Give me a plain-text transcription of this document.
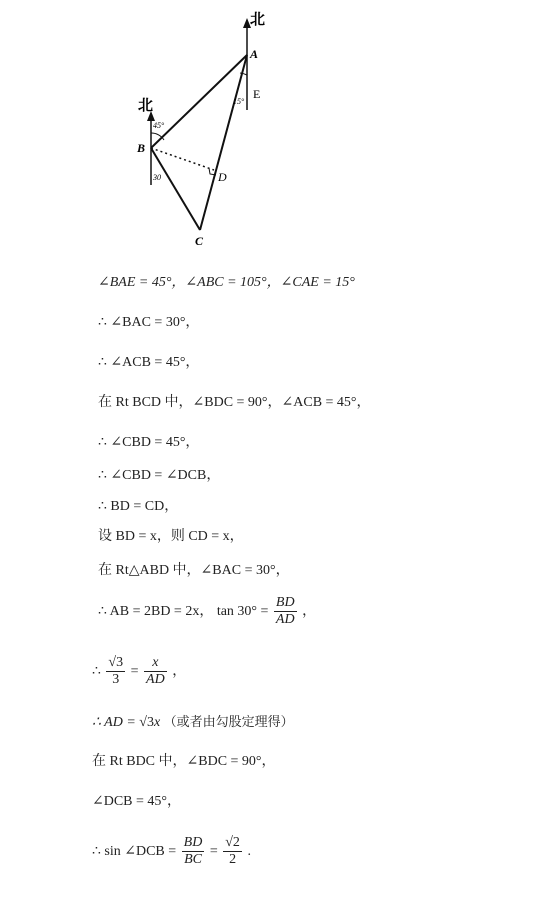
北
北
A
E
15°
45°
B
30	D
C
∠BAE = 45°，∠ABC = 105°，∠CAE = 15°
∴ ∠BAC = 30°，
∴ ∠ACB = 45°，
在 Rt BCD 中，∠BDC = 90°，∠ACB = 45°，
∴ ∠CBD = 45°，
∴ ∠CBD = ∠DCB，
∴ BD = CD，
设 BD = x，则 CD = x，
在 Rt△ABD 中，∠BAC = 30°，
∴ AB = 2BD = 2x， $\tan 30^\circ = \frac{BD}{AD}$ ，
∴ $\frac{√3}{3} = \frac{x}{AD}$ ，
∴ AD = √3x （或者由勾股定理得）
在 Rt BDC 中，∠BDC = 90°，
∠DCB = 45°，
∴ sin ∠DCB = $\frac{BD}{BC} = \frac{√2}{2}$ .
